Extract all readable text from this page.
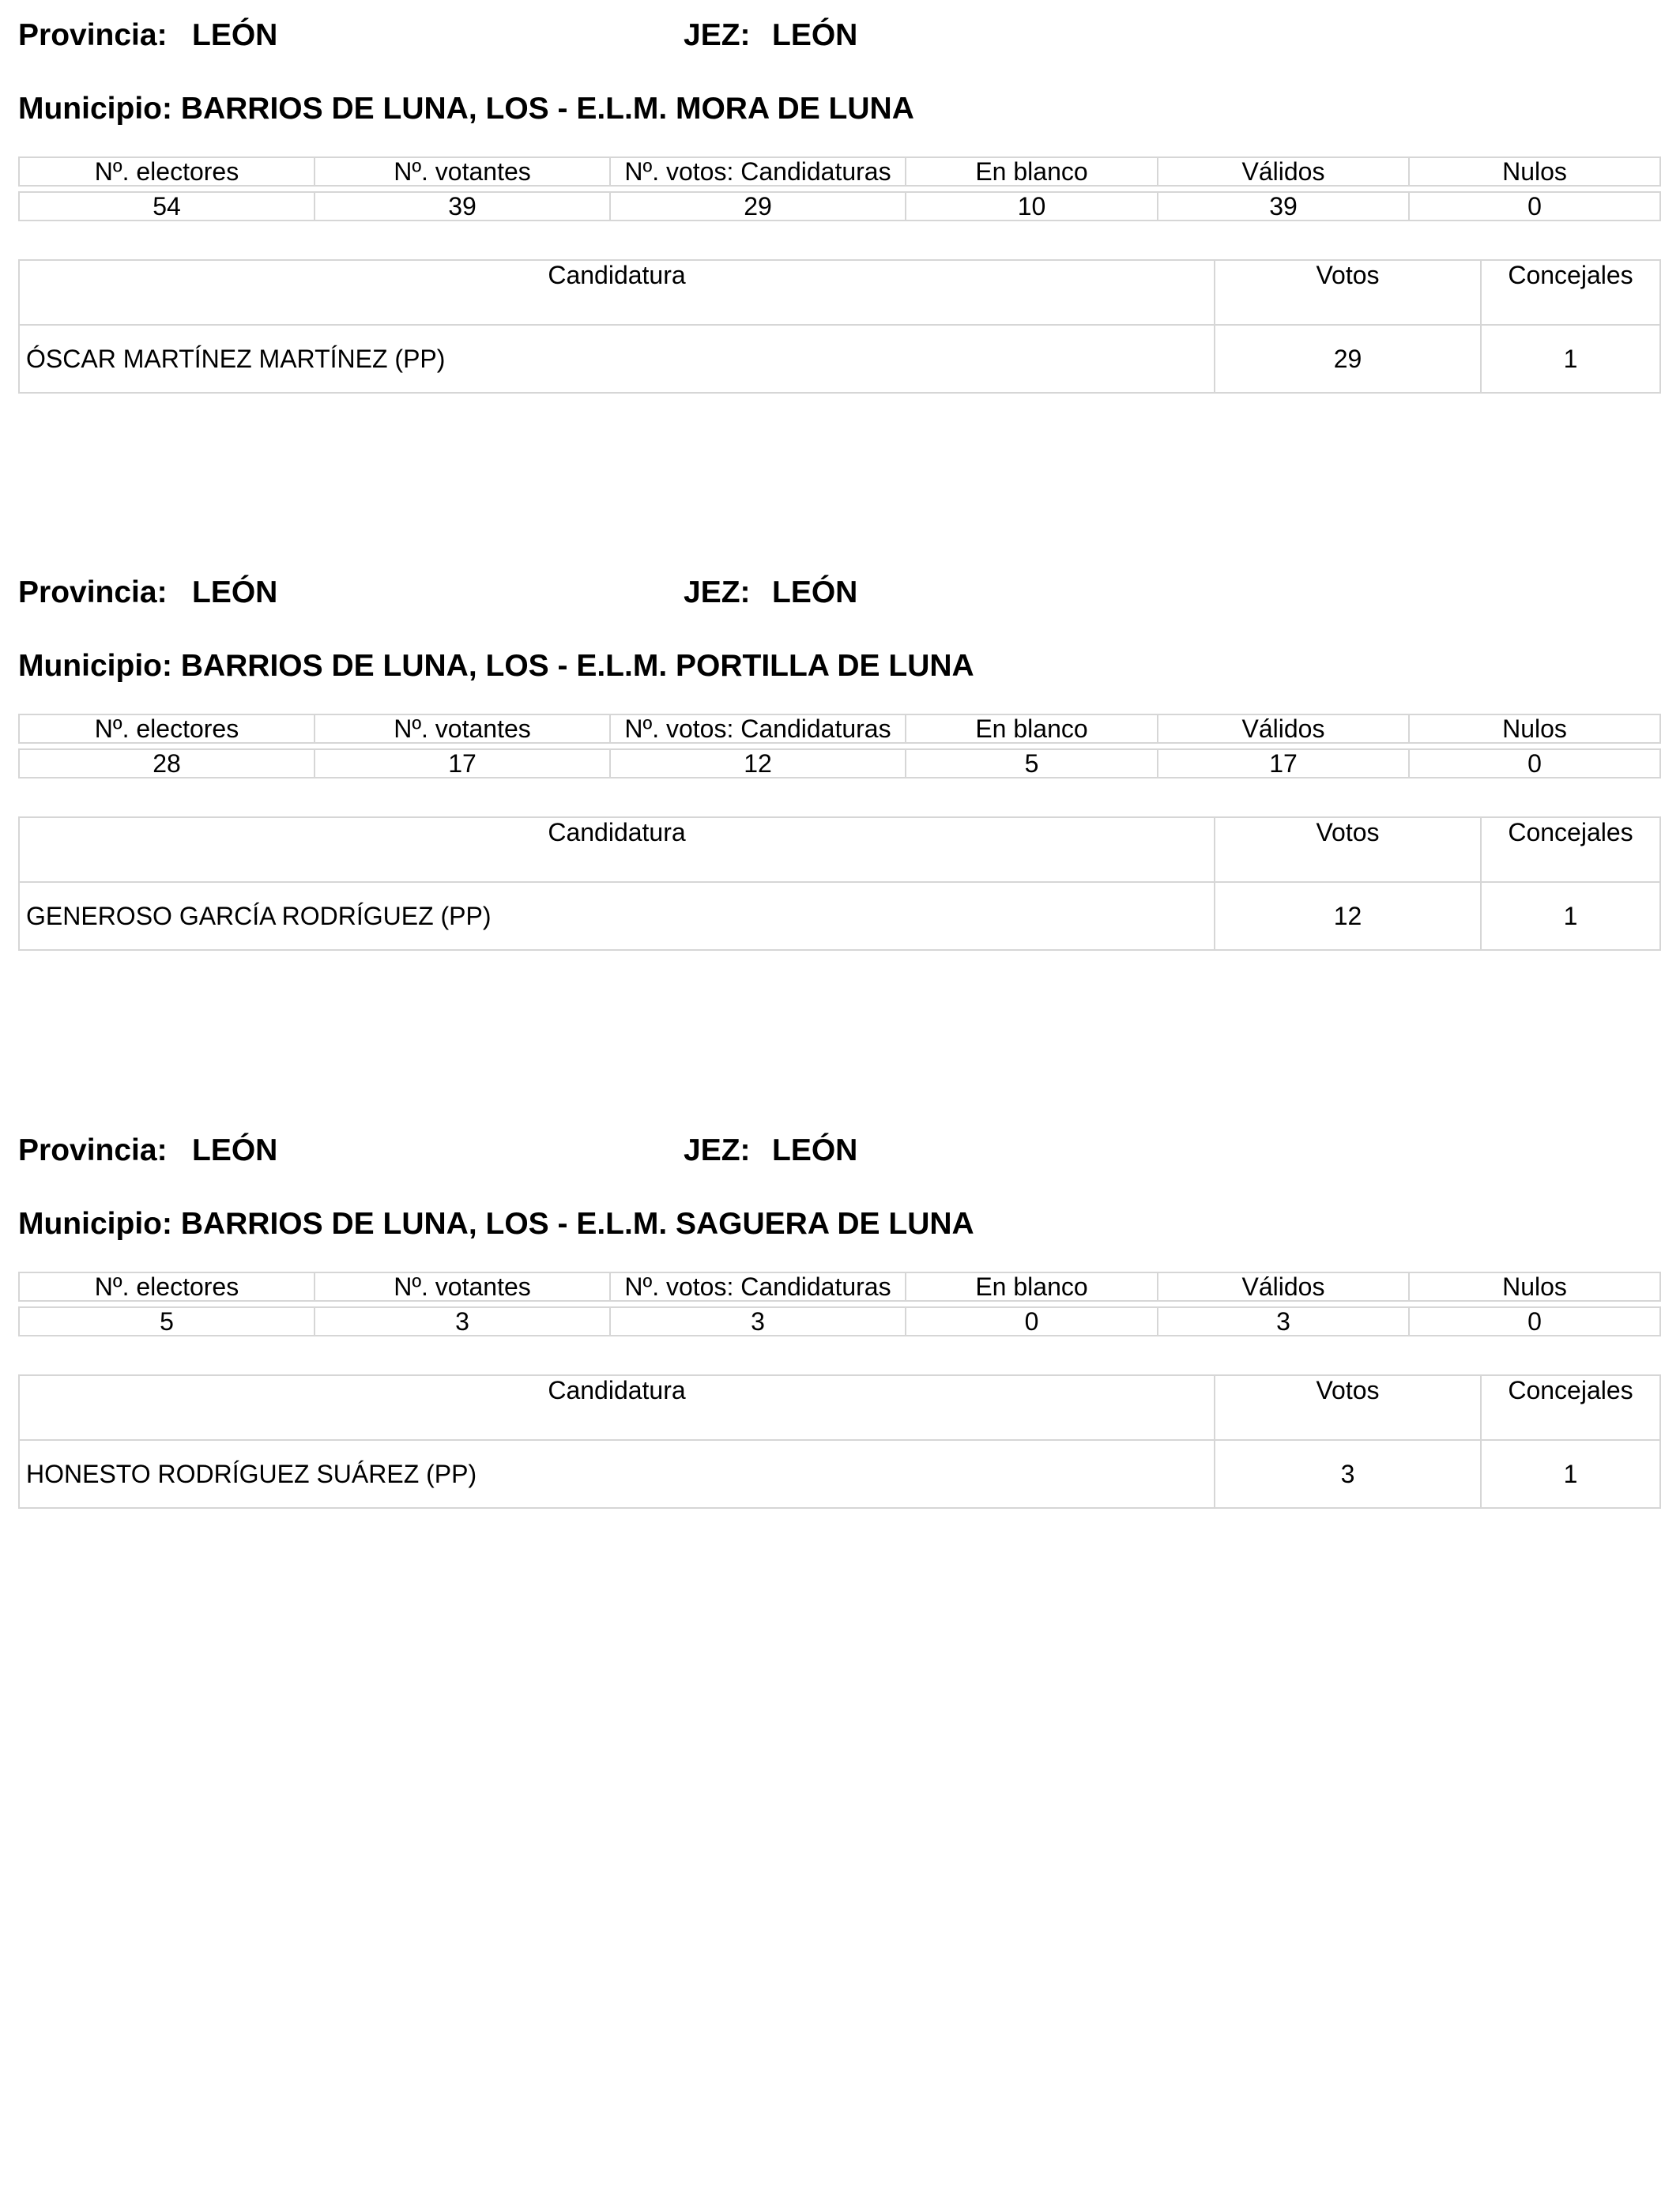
Provincia: LEÓN	JEZ: LEÓN
Municipio: BARRIOS DE LUNA, LOS - E.L.M. MORA DE LUNA
Nº. electores	Nº. votantes	Nº. votos: Candidaturas	En blanco	Válidos	Nulos

54	39	29	10	39	0
Candidatura	Votos	Concejales
ÓSCAR MARTÍNEZ MARTÍNEZ (PP)	29	1
Provincia: LEÓN	JEZ: LEÓN
Municipio: BARRIOS DE LUNA, LOS - E.L.M. PORTILLA DE LUNA
Nº. electores	Nº. votantes	Nº. votos: Candidaturas	En blanco	Válidos	Nulos

28	17	12	5	17	0
Candidatura	Votos	Concejales
GENEROSO GARCÍA RODRÍGUEZ (PP)	12	1
Provincia: LEÓN	JEZ: LEÓN
Municipio: BARRIOS DE LUNA, LOS - E.L.M. SAGUERA DE LUNA
Nº. electores	Nº. votantes	Nº. votos: Candidaturas	En blanco	Válidos	Nulos

5	3	3	0	3	0
Candidatura	Votos	Concejales
HONESTO RODRÍGUEZ SUÁREZ (PP)	3	1
